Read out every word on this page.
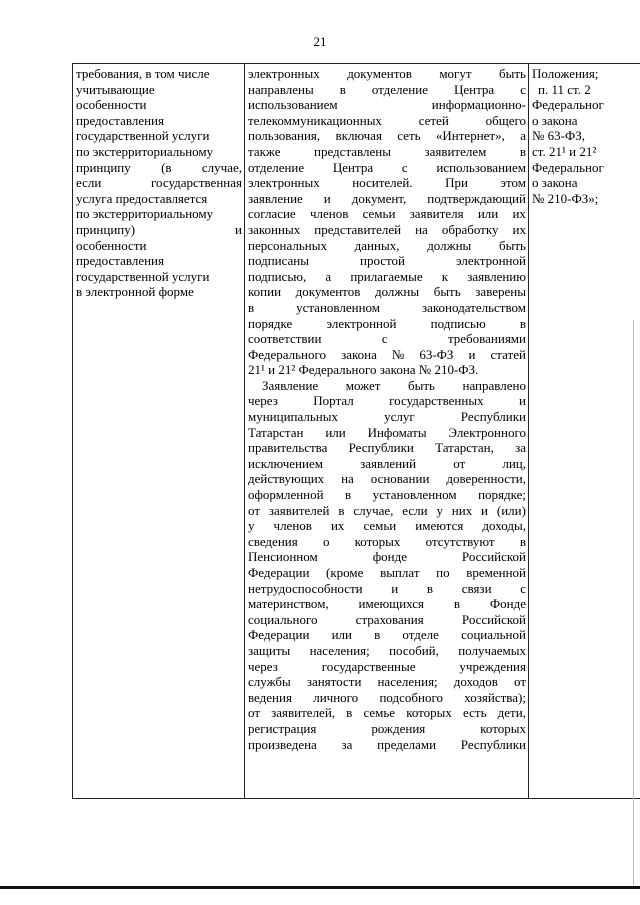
21
требования, в том числе
учитывающие
особенности
предоставления
государственной услуги
по экстерриториальному
принципу (в случае,
если	государственная
услуга предоставляется
по экстерриториальному
принципу)	и
особенности
предоставления
государственной услуги
в электронной форме

электронных документов могут быть
направлены в отделение Центра с
использованием	информационно-
телекоммуникационных	сетей	общего
пользования, включая сеть «Интернет», а
также	представлены	заявителем	в
отделение Центра с использованием
электронных носителей. При этом
заявление и документ, подтверждающий
согласие членов семьи заявителя или их
законных представителей на обработку их
персональных данных, должны быть
подписаны	простой	электронной
подписью, а прилагаемые к заявлению
копии документов должны быть заверены
в	установленном	законодательством
порядке	электронной	подписью	в
соответствии	с	требованиями
Федерального закона № 63-ФЗ и статей
21¹ и 21² Федерального закона № 210-ФЗ.
Заявление может быть направлено
через	Портал	государственных	и
муниципальных	услуг	Республики
Татарстан или Инфоматы Электронного
правительства Республики Татарстан, за
исключением	заявлений	от	лиц,
действующих на основании доверенности,
оформленной в установленном порядке;
от заявителей в случае, если у них и (или)
у членов их семьи имеются доходы,
сведения о которых отсутствуют в
Пенсионном	фонде	Российской
Федерации (кроме выплат по временной
нетрудоспособности и в связи с
материнством, имеющихся в Фонде
социального	страхования	Российской
Федерации или в отделе социальной
защиты населения; пособий, получаемых
через	государственные	учреждения
службы занятости населения; доходов от
ведения личного подсобного хозяйства);
от заявителей, в семье которых есть дети,
регистрация	рождения	которых
произведена за пределами Республики

Положения;
п. 11 ст. 2
Федеральног
о закона
№ 63-ФЗ,
ст. 21¹ и 21²
Федеральног
о закона
№ 210-ФЗ»;
